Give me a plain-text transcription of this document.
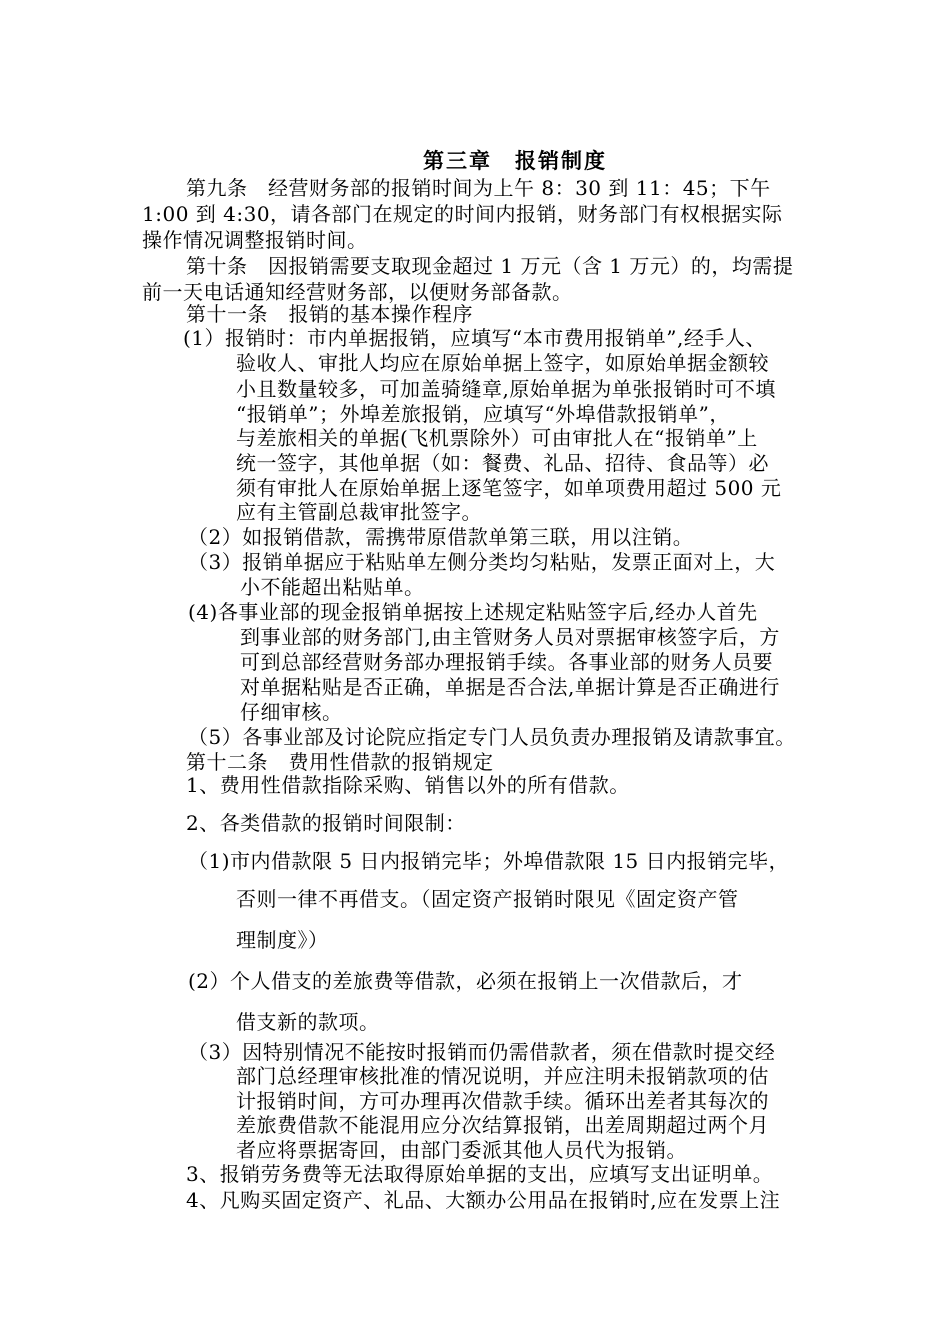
第三章　报销制度
第九条　经营财务部的报销时间为上午 8：30 到 11：45；下午
1:00 到 4:30，请各部门在规定的时间内报销，财务部门有权根据实际
操作情况调整报销时间。
第十条　因报销需要支取现金超过 1 万元（含 1 万元）的，均需提
前一天电话通知经营财务部，以便财务部备款。
第十一条　报销的基本操作程序
(1）报销时：市内单据报销，应填写“本市费用报销单”,经手人、
验收人、审批人均应在原始单据上签字，如原始单据金额较
小且数量较多，可加盖骑缝章,原始单据为单张报销时可不填
“报销单”；外埠差旅报销，应填写“外埠借款报销单”，
与差旅相关的单据(飞机票除外）可由审批人在“报销单”上
统一签字，其他单据（如：餐费、礼品、招待、食品等）必
须有审批人在原始单据上逐笔签字，如单项费用超过 500 元
应有主管副总裁审批签字。
（2）如报销借款，需携带原借款单第三联，用以注销。
（3）报销单据应于粘贴单左侧分类均匀粘贴，发票正面对上，大
小不能超出粘贴单。
(4)各事业部的现金报销单据按上述规定粘贴签字后,经办人首先
到事业部的财务部门,由主管财务人员对票据审核签字后，方
可到总部经营财务部办理报销手续。各事业部的财务人员要
对单据粘贴是否正确，单据是否合法,单据计算是否正确进行
仔细审核。
（5）各事业部及讨论院应指定专门人员负责办理报销及请款事宜。
第十二条　费用性借款的报销规定
1、费用性借款指除采购、销售以外的所有借款。
2、各类借款的报销时间限制：
（1)市内借款限 5 日内报销完毕；外埠借款限 15 日内报销完毕，
否则一律不再借支。（固定资产报销时限见《固定资产管
理制度》）
(2）个人借支的差旅费等借款，必须在报销上一次借款后，才
借支新的款项。
（3）因特别情况不能按时报销而仍需借款者，须在借款时提交经
部门总经理审核批准的情况说明，并应注明未报销款项的估
计报销时间，方可办理再次借款手续。循环出差者其每次的
差旅费借款不能混用应分次结算报销，出差周期超过两个月
者应将票据寄回，由部门委派其他人员代为报销。
3、报销劳务费等无法取得原始单据的支出，应填写支出证明单。
4、凡购买固定资产、礼品、大额办公用品在报销时,应在发票上注
